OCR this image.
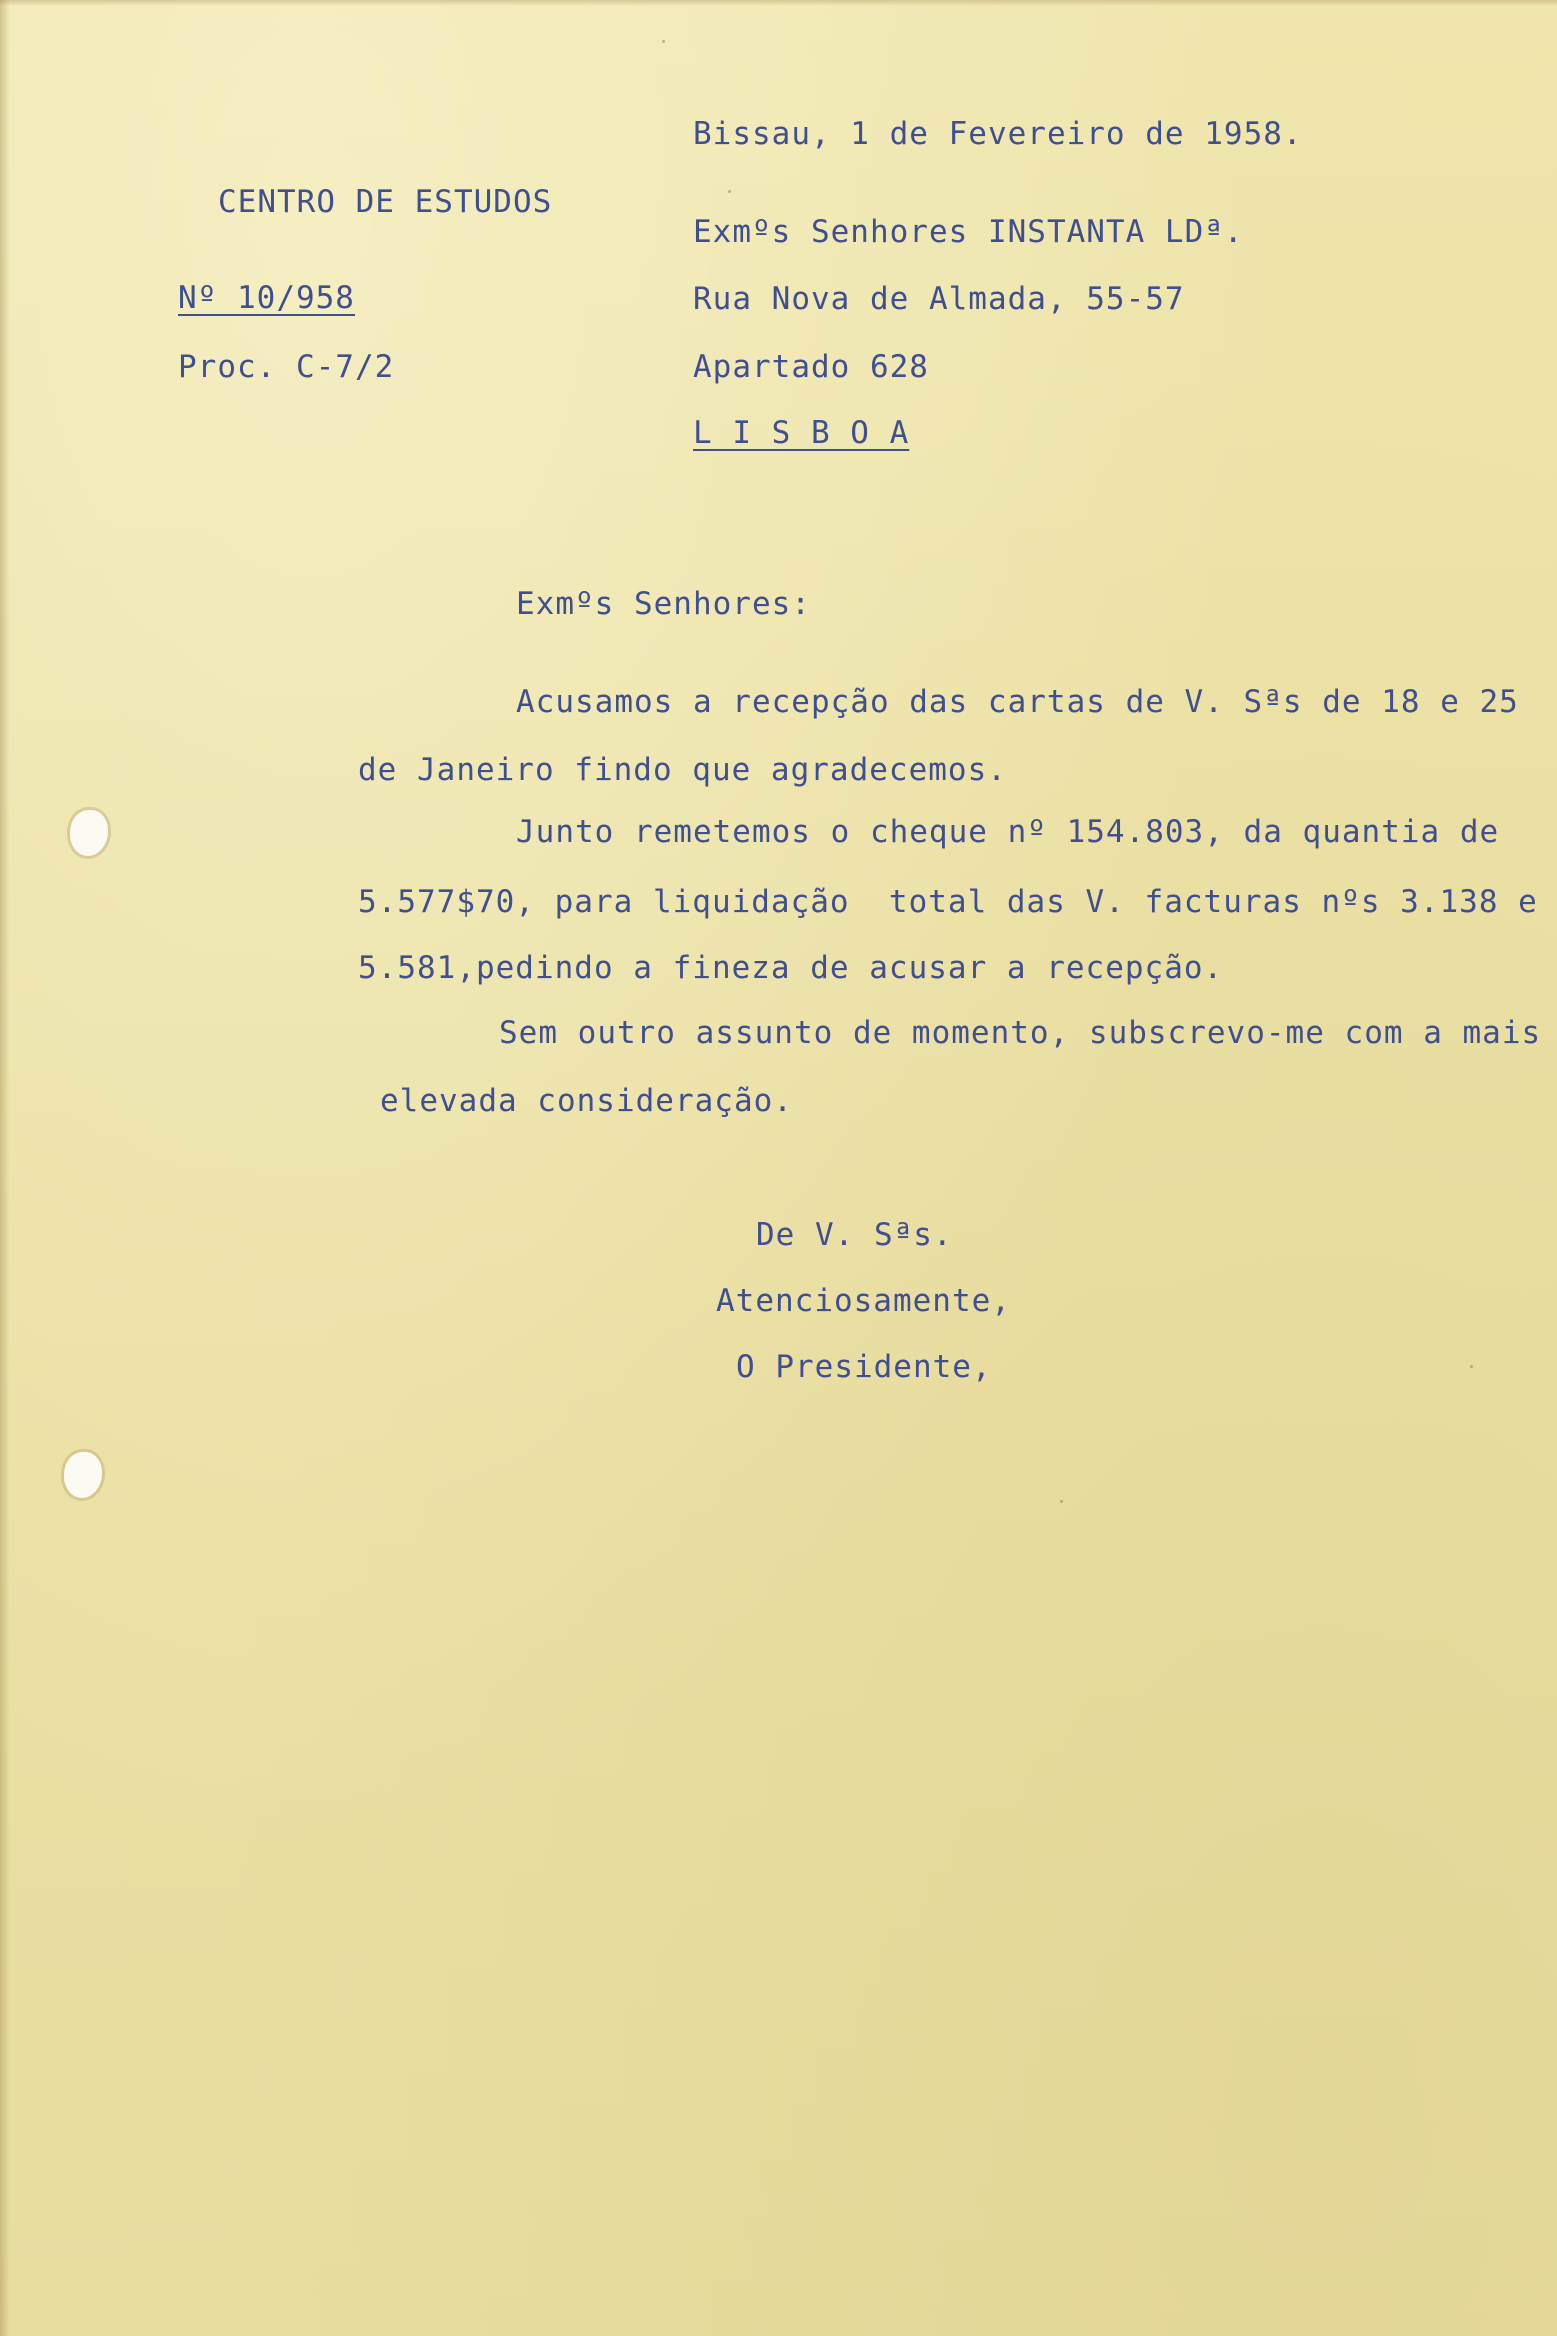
Bissau, 1 de Fevereiro de 1958.
CENTRO DE ESTUDOS
Exmºs Senhores INSTANTA LDª.
Nº 10/958	Rua Nova de Almada, 55-57
Proc. C-7/2	Apartado 628
L I S B O A
Exmºs Senhores:
Acusamos a recepção das cartas de V. Sªs de 18 e 25
de Janeiro findo que agradecemos.
Junto remetemos o cheque nº 154.803, da quantia de
5.577$70, para liquidação  total das V. facturas nºs 3.138 e
5.581,pedindo a fineza de acusar a recepção.
Sem outro assunto de momento, subscrevo-me com a mais
elevada consideração.
De V. Sªs.
Atenciosamente,
O Presidente,
